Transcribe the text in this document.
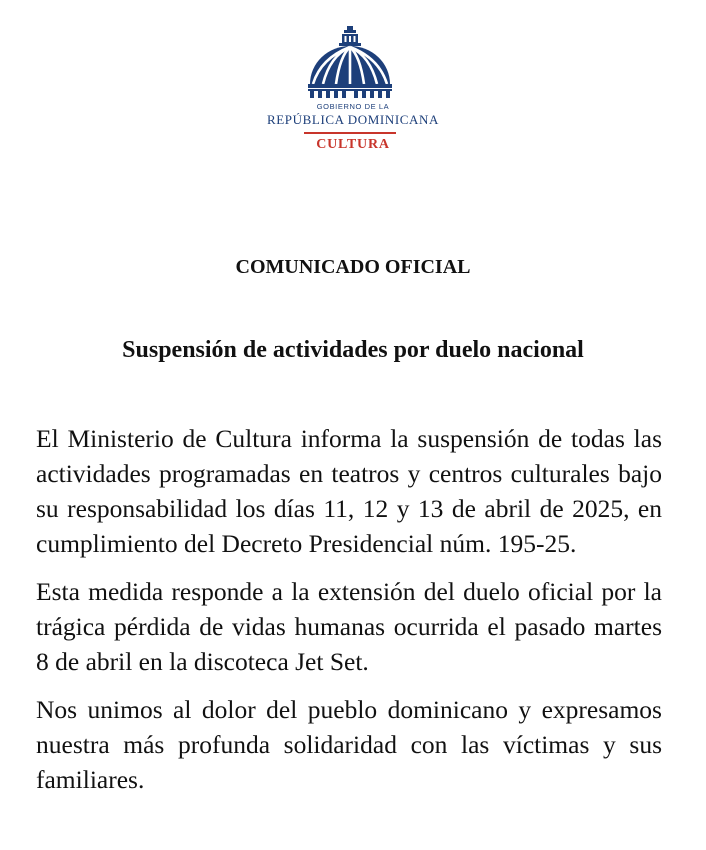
GOBIERNO DE LA
REPÚBLICA DOMINICANA
CULTURA
COMUNICADO OFICIAL
Suspensión de actividades por duelo nacional

El Ministerio de Cultura informa la suspensión de todas las actividades programadas en teatros y centros culturales bajo su responsabilidad los días 11, 12 y 13 de abril de 2025, en cumplimiento del Decreto Presidencial núm. 195-25.

Esta medida responde a la extensión del duelo oficial por la trágica pérdida de vidas humanas ocurrida el pasado martes 8 de abril en la discoteca Jet Set.

Nos unimos al dolor del pueblo dominicano y expresamos nuestra más profunda solidaridad con las víctimas y sus familiares.
